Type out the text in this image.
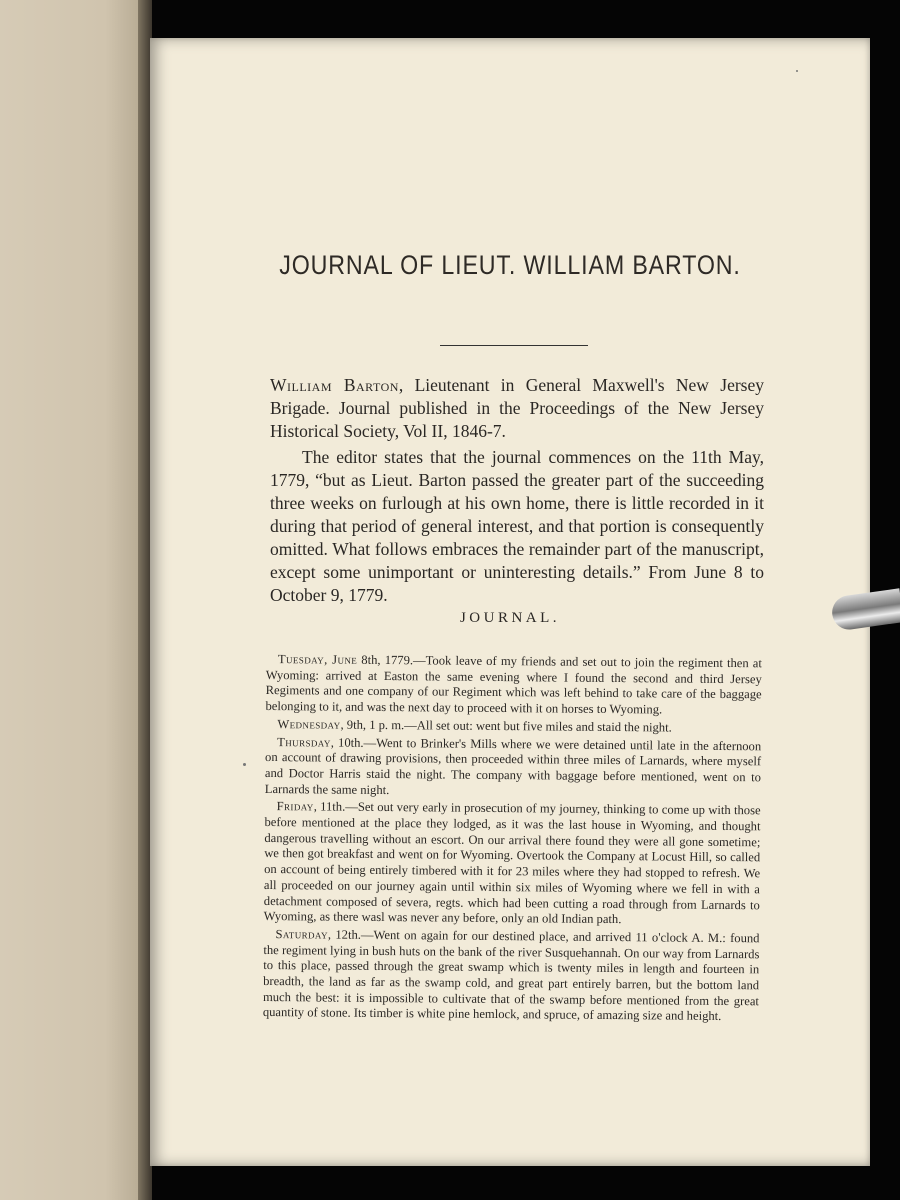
JOURNAL OF LIEUT. WILLIAM BARTON.

William Barton, Lieutenant in General Maxwell's New Jersey Brigade. Journal published in the Proceedings of the New Jersey Historical Society, Vol II, 1846-7.

The editor states that the journal commences on the 11th May, 1779, “but as Lieut. Barton passed the greater part of the succeeding three weeks on furlough at his own home, there is little recorded in it during that period of general interest, and that portion is consequently omitted. What follows embraces the remainder part of the manuscript, except some unimportant or uninteresting details.” From June 8 to October 9, 1779.

JOURNAL.

Tuesday, June 8th, 1779.—Took leave of my friends and set out to join the regiment then at Wyoming: arrived at Easton the same evening where I found the second and third Jersey Regiments and one company of our Regiment which was left behind to take care of the baggage belonging to it, and was the next day to proceed with it on horses to Wyoming.

Wednesday, 9th, 1 p. m.—All set out: went but five miles and staid the night.

Thursday, 10th.—Went to Brinker's Mills where we were detained until late in the afternoon on account of drawing provisions, then proceeded within three miles of Larnards, where myself and Doctor Harris staid the night. The company with baggage before mentioned, went on to Larnards the same night.

Friday, 11th.—Set out very early in prosecution of my journey, thinking to come up with those before mentioned at the place they lodged, as it was the last house in Wyoming, and thought dangerous travelling without an escort. On our arrival there found they were all gone sometime; we then got breakfast and went on for Wyoming. Overtook the Company at Locust Hill, so called on account of being entirely timbered with it for 23 miles where they had stopped to refresh. We all proceeded on our journey again until within six miles of Wyoming where we fell in with a detachment composed of severa, regts. which had been cutting a road through from Larnards to Wyoming, as there wasl was never any before, only an old Indian path.

Saturday, 12th.—Went on again for our destined place, and arrived 11 o'clock A. M.: found the regiment lying in bush huts on the bank of the river Susquehannah. On our way from Larnards to this place, passed through the great swamp which is twenty miles in length and fourteen in breadth, the land as far as the swamp cold, and great part entirely barren, but the bottom land much the best: it is impossible to cultivate that of the swamp before mentioned from the great quantity of stone. Its timber is white pine hemlock, and spruce, of amazing size and height.
